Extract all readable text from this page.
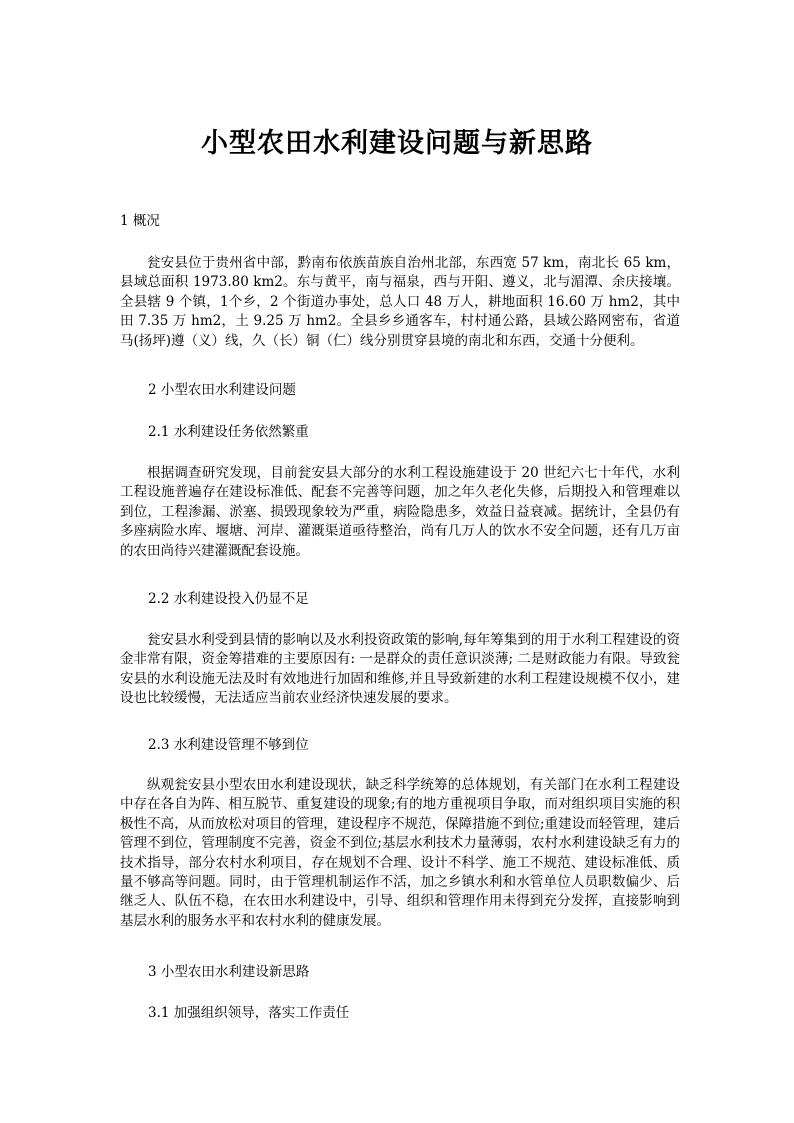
小型农田水利建设问题与新思路
1 概况
瓮安县位于贵州省中部，黔南布依族苗族自治州北部，东西宽 57 km，南北长 65 km，县域总面积 1973.80 km2。东与黄平，南与福泉，西与开阳、遵义，北与湄潭、余庆接壤。全县辖 9 个镇，1个乡，2 个街道办事处，总人口 48 万人，耕地面积 16.60 万 hm2，其中田 7.35 万 hm2，土 9.25 万 hm2。全县乡乡通客车，村村通公路，县域公路网密布，省道马(扬坪)遵（义）线，久（长）铜（仁）线分别贯穿县境的南北和东西，交通十分便利。
2 小型农田水利建设问题
2.1 水利建设任务依然繁重
根据调查研究发现，目前瓮安县大部分的水利工程设施建设于 20 世纪六七十年代，水利工程设施普遍存在建设标准低、配套不完善等问题，加之年久老化失修，后期投入和管理难以到位，工程渗漏、淤塞、损毁现象较为严重，病险隐患多，效益日益衰减。据统计，全县仍有多座病险水库、堰塘、河岸、灌溉渠道亟待整治，尚有几万人的饮水不安全问题，还有几万亩的农田尚待兴建灌溉配套设施。
2.2 水利建设投入仍显不足
瓮安县水利受到县情的影响以及水利投资政策的影响,每年筹集到的用于水利工程建设的资金非常有限，资金筹措难的主要原因有: 一是群众的责任意识淡薄; 二是财政能力有限。导致瓮安县的水利设施无法及时有效地进行加固和维修,并且导致新建的水利工程建设规模不仅小，建设也比较缓慢，无法适应当前农业经济快速发展的要求。
2.3 水利建设管理不够到位
纵观瓮安县小型农田水利建设现状，缺乏科学统筹的总体规划，有关部门在水利工程建设中存在各自为阵、相互脱节、重复建设的现象;有的地方重视项目争取，而对组织项目实施的积极性不高，从而放松对项目的管理，建设程序不规范，保障措施不到位;重建设而轻管理，建后管理不到位，管理制度不完善，资金不到位;基层水利技术力量薄弱，农村水利建设缺乏有力的技术指导，部分农村水利项目，存在规划不合理、设计不科学、施工不规范、建设标准低、质量不够高等问题。同时，由于管理机制运作不活，加之乡镇水利和水管单位人员职数偏少、后继乏人、队伍不稳，在农田水利建设中，引导、组织和管理作用未得到充分发挥，直接影响到基层水利的服务水平和农村水利的健康发展。
3 小型农田水利建设新思路
3.1 加强组织领导，落实工作责任
